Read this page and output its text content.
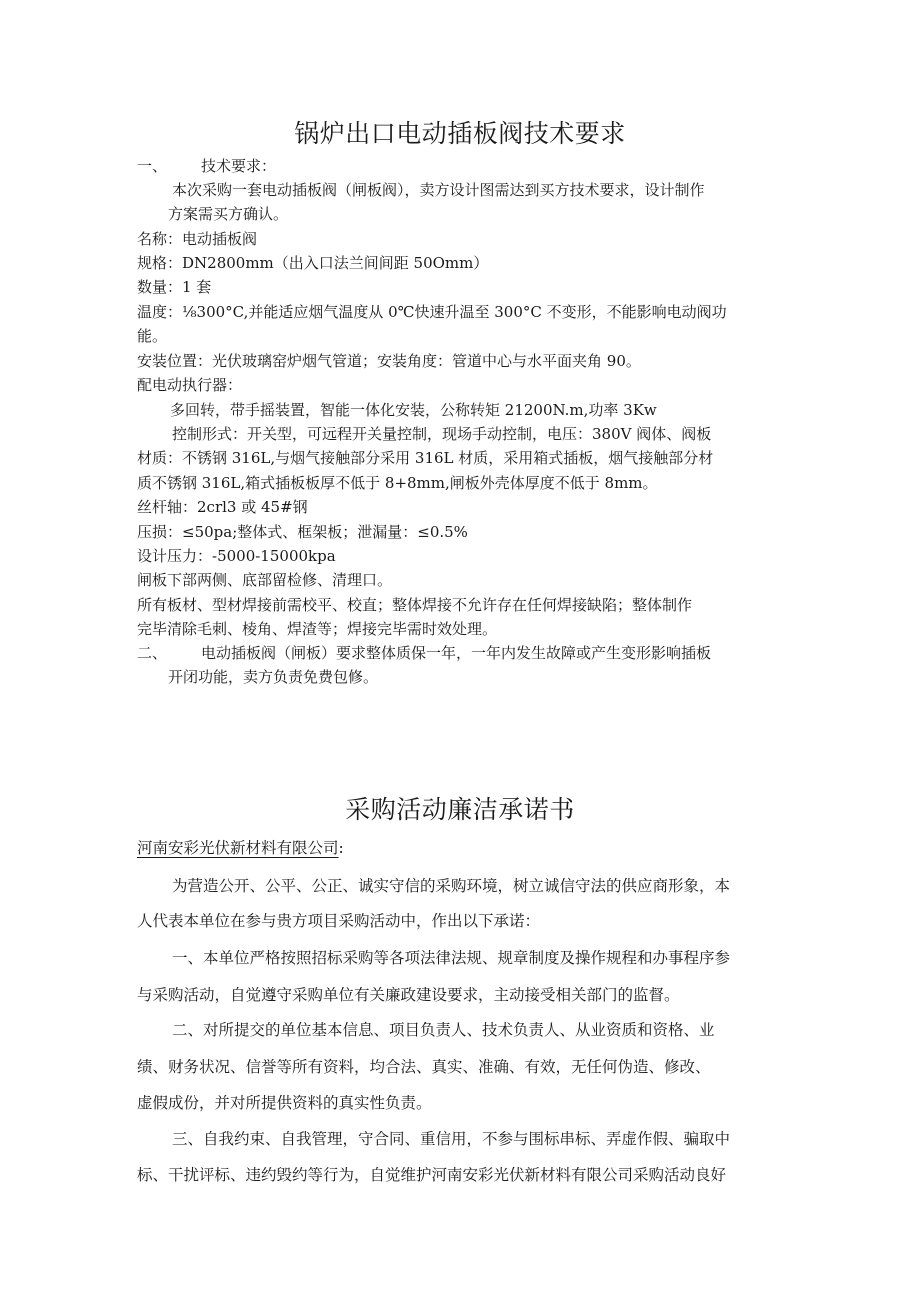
锅炉出口电动插板阀技术要求
一、 技术要求：
本次采购一套电动插板阀（闸板阀），卖方设计图需达到买方技术要求，设计制作
方案需买方确认。
名称：电动插板阀
规格：DN2800mm（出入口法兰间间距 50Omm）
数量：1 套
温度：⅛300°C,并能适应烟气温度从 0℃快速升温至 300°C 不变形，不能影响电动阀功
能。
安装位置：光伏玻璃窑炉烟气管道；安装角度：管道中心与水平面夹角 90。
配电动执行器：
多回转，带手摇装置，智能一体化安装，公称转矩 21200N.m,功率 3Kw
控制形式：开关型，可远程开关量控制，现场手动控制，电压：380V 阀体、阀板
材质：不锈钢 316L,与烟气接触部分采用 316L 材质，采用箱式插板，烟气接触部分材
质不锈钢 316L,箱式插板板厚不低于 8+8mm,闸板外壳体厚度不低于 8mm。
丝杆轴：2crl3 或 45#钢
压损：≤50pa;整体式、框架板；泄漏量：≤0.5%
设计压力：-5000-15000kpa
闸板下部两侧、底部留检修、清理口。
所有板材、型材焊接前需校平、校直；整体焊接不允许存在任何焊接缺陷；整体制作
完毕清除毛刺、棱角、焊渣等；焊接完毕需时效处理。
二、 电动插板阀（闸板）要求整体质保一年，一年内发生故障或产生变形影响插板
开闭功能，卖方负责免费包修。
采购活动廉洁承诺书
河南安彩光伏新材料有限公司:
为营造公开、公平、公正、诚实守信的采购环境，树立诚信守法的供应商形象，本
人代表本单位在参与贵方项目采购活动中，作出以下承诺：
一、本单位严格按照招标采购等各项法律法规、规章制度及操作规程和办事程序参
与采购活动，自觉遵守采购单位有关廉政建设要求，主动接受相关部门的监督。
二、对所提交的单位基本信息、项目负责人、技术负责人、从业资质和资格、业
绩、财务状况、信誉等所有资料，均合法、真实、准确、有效，无任何伪造、修改、
虚假成份，并对所提供资料的真实性负责。
三、自我约束、自我管理，守合同、重信用，不参与围标串标、弄虚作假、骗取中
标、干扰评标、违约毁约等行为，自觉维护河南安彩光伏新材料有限公司采购活动良好
